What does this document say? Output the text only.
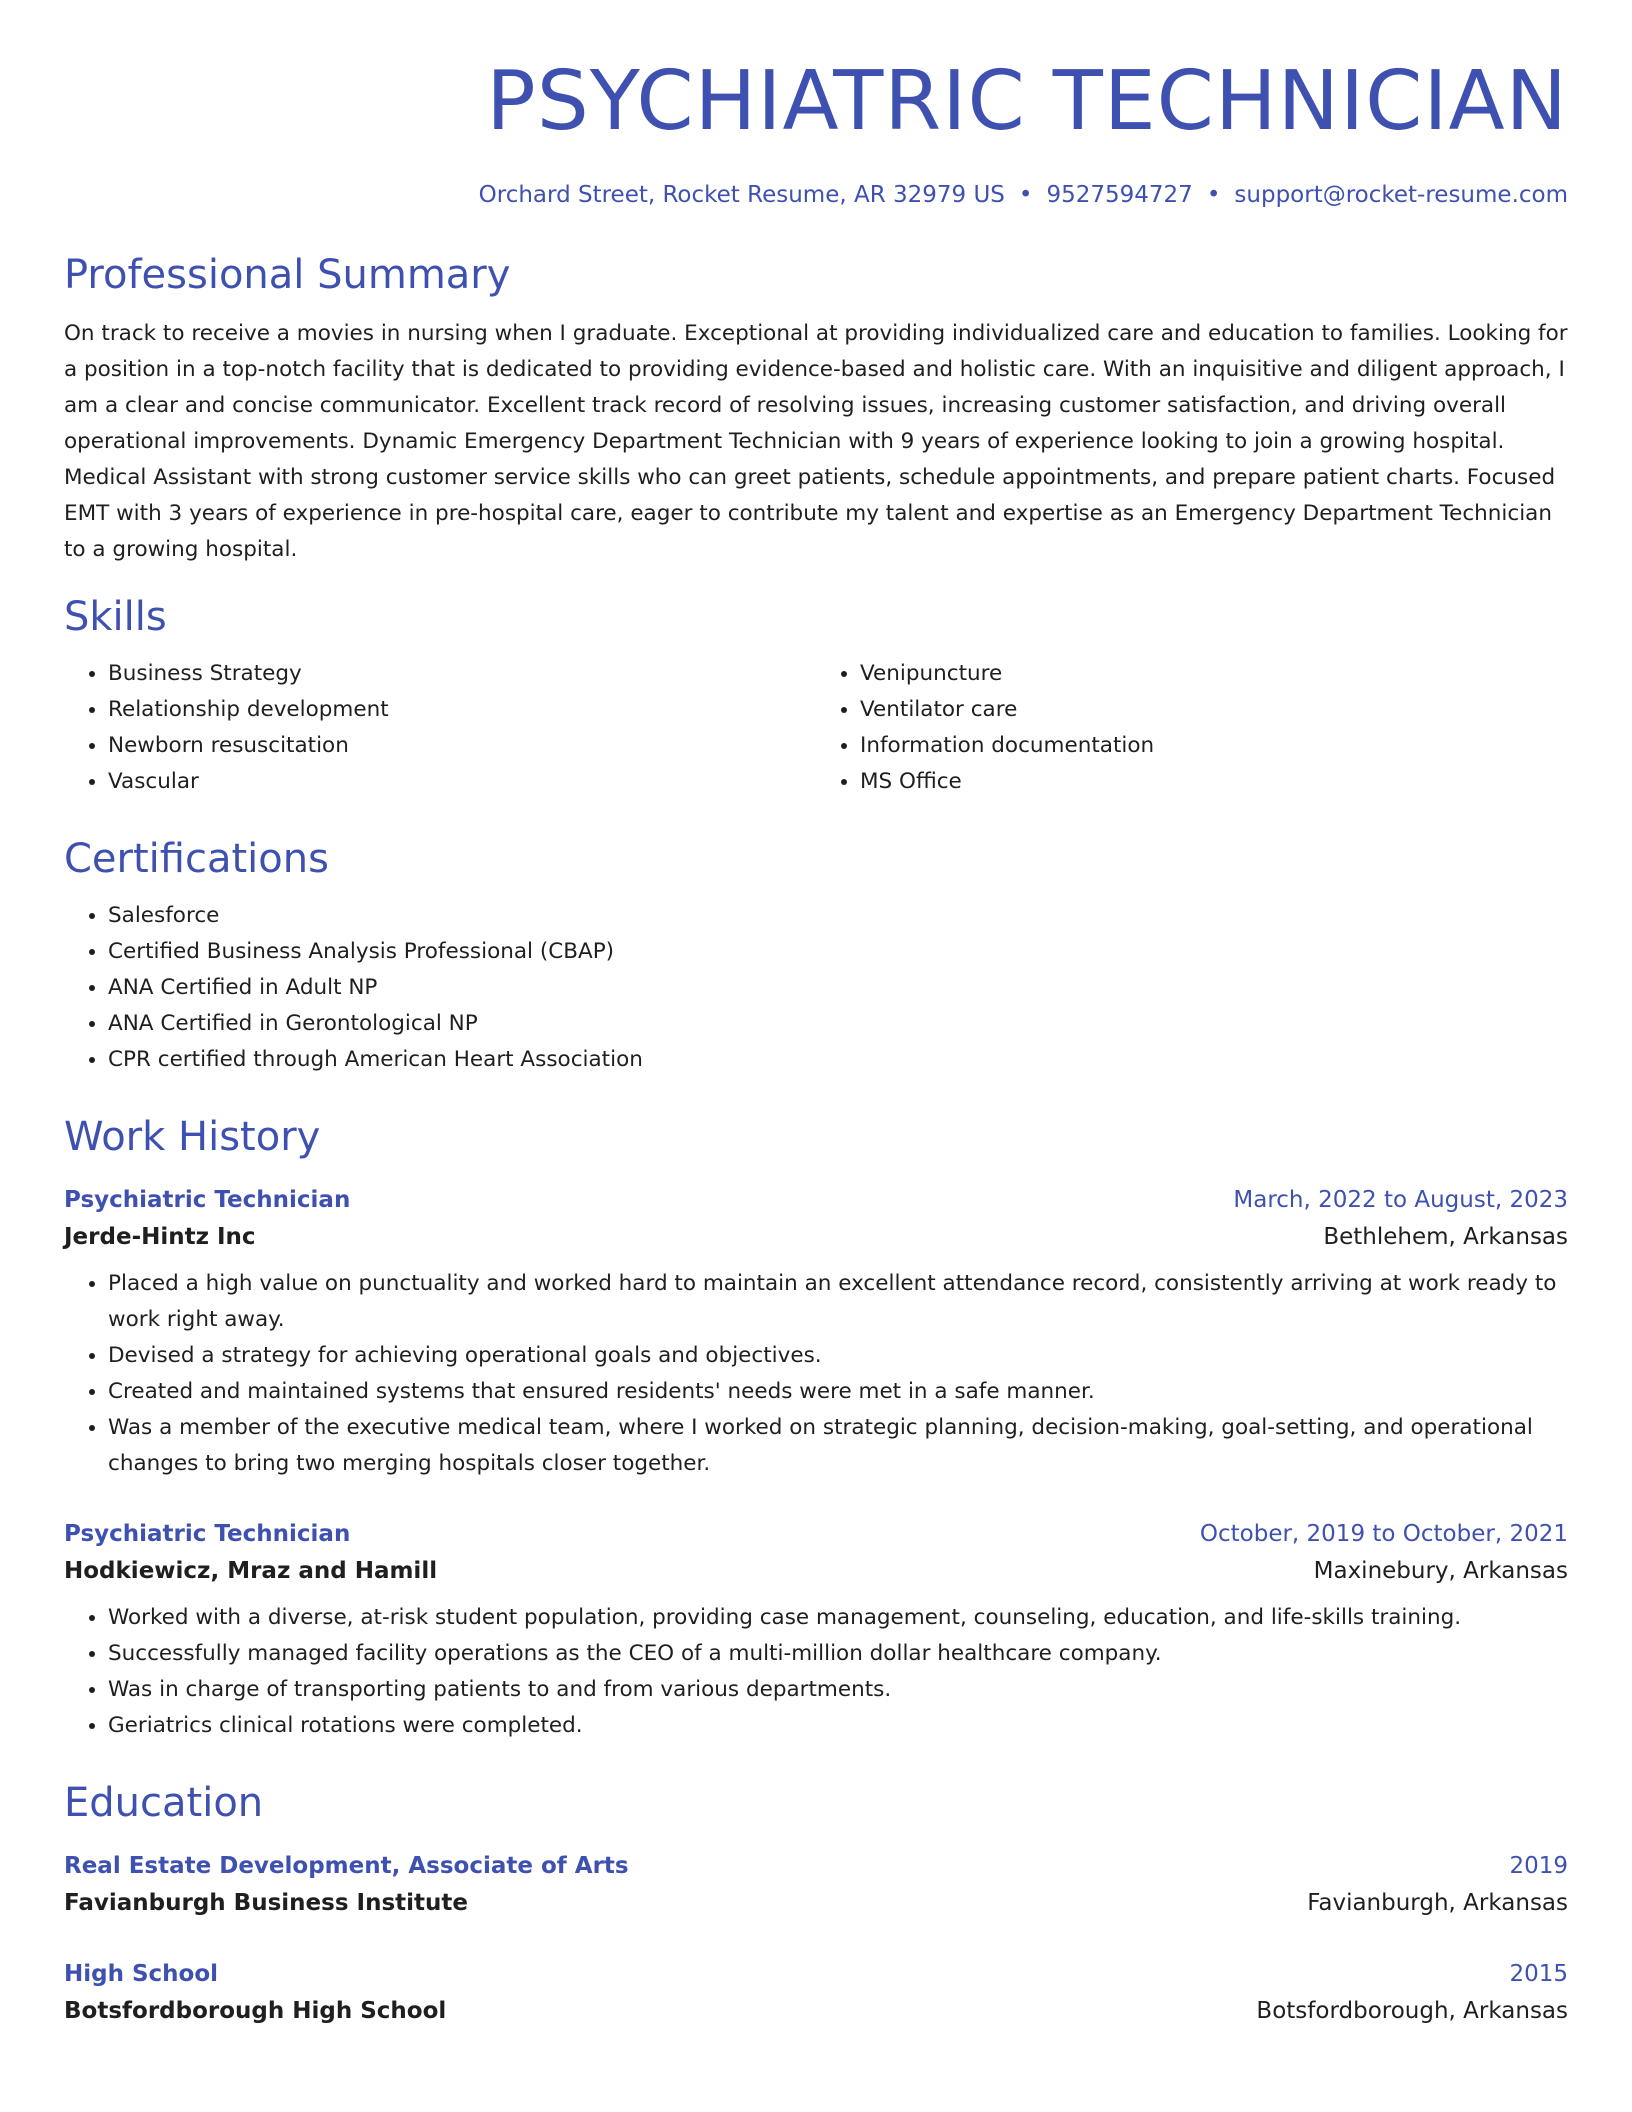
PSYCHIATRIC TECHNICIAN
Orchard Street, Rocket Resume, AR 32979 US • 9527594727 • support@rocket-resume.com
Professional Summary

On track to receive a movies in nursing when I graduate. Exceptional at providing individualized care and education to families. Looking for a position in a top-notch facility that is dedicated to providing evidence-based and holistic care. With an inquisitive and diligent approach, I am a clear and concise communicator. Excellent track record of resolving issues, increasing customer satisfaction, and driving overall operational improvements. Dynamic Emergency Department Technician with 9 years of experience looking to join a growing hospital. Medical Assistant with strong customer service skills who can greet patients, schedule appointments, and prepare patient charts. Focused EMT with 3 years of experience in pre-hospital care, eager to contribute my talent and expertise as an Emergency Department Technician to a growing hospital.

Skills
• Business Strategy
• Relationship development
• Newborn resuscitation
• Vascular
• Venipuncture
• Ventilator care
• Information documentation
• MS Office
Certifications
• Salesforce
• Certified Business Analysis Professional (CBAP)
• ANA Certified in Adult NP
• ANA Certified in Gerontological NP
• CPR certified through American Heart Association
Work History
Psychiatric Technician	March, 2022 to August, 2023
Jerde-Hintz Inc	Bethlehem, Arkansas
• Placed a high value on punctuality and worked hard to maintain an excellent attendance record, consistently arriving at work ready to work right away.
• Devised a strategy for achieving operational goals and objectives.
• Created and maintained systems that ensured residents' needs were met in a safe manner.
• Was a member of the executive medical team, where I worked on strategic planning, decision-making, goal-setting, and operational changes to bring two merging hospitals closer together.
Psychiatric Technician	October, 2019 to October, 2021
Hodkiewicz, Mraz and Hamill	Maxinebury, Arkansas
• Worked with a diverse, at-risk student population, providing case management, counseling, education, and life-skills training.
• Successfully managed facility operations as the CEO of a multi-million dollar healthcare company.
• Was in charge of transporting patients to and from various departments.
• Geriatrics clinical rotations were completed.
Education
Real Estate Development, Associate of Arts	2019
Favianburgh Business Institute	Favianburgh, Arkansas
High School	2015
Botsfordborough High School	Botsfordborough, Arkansas
